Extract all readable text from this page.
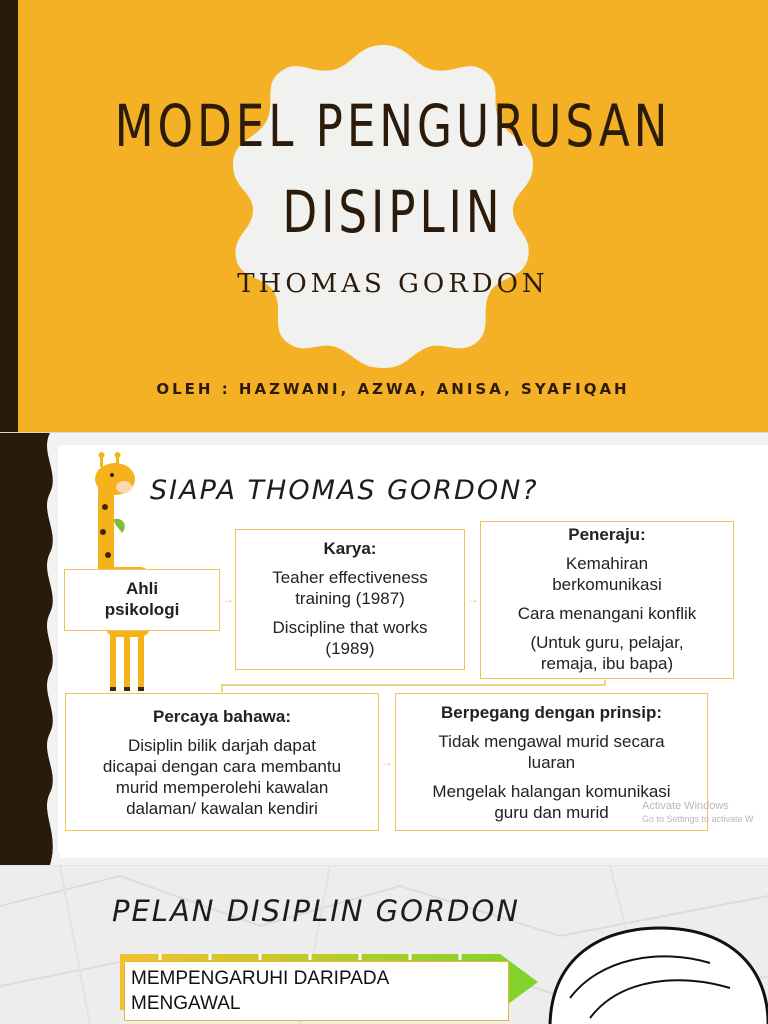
MODEL PENGURUSAN
DISIPLIN
THOMAS GORDON
OLEH : HAZWANI, AZWA, ANISA, SYAFIQAH
SIAPA THOMAS GORDON?
Ahli
psikologi
→
Karya:
Teaher effectiveness
training (1987)
Discipline that works
(1989)
→
Peneraju:
Kemahiran
berkomunikasi
Cara menangani konflik
(Untuk guru, pelajar,
remaja, ibu bapa)
Percaya bahawa:
Disiplin bilik darjah dapat
dicapai dengan cara membantu
murid memperolehi kawalan
dalaman/ kawalan kendiri
→
Berpegang dengan prinsip:
Tidak mengawal murid secara
luaran
Mengelak halangan komunikasi
guru dan murid	Activate Windows
Go to Settings to activate W
PELAN DISIPLIN GORDON
MEMPENGARUHI DARIPADA
MENGAWAL
